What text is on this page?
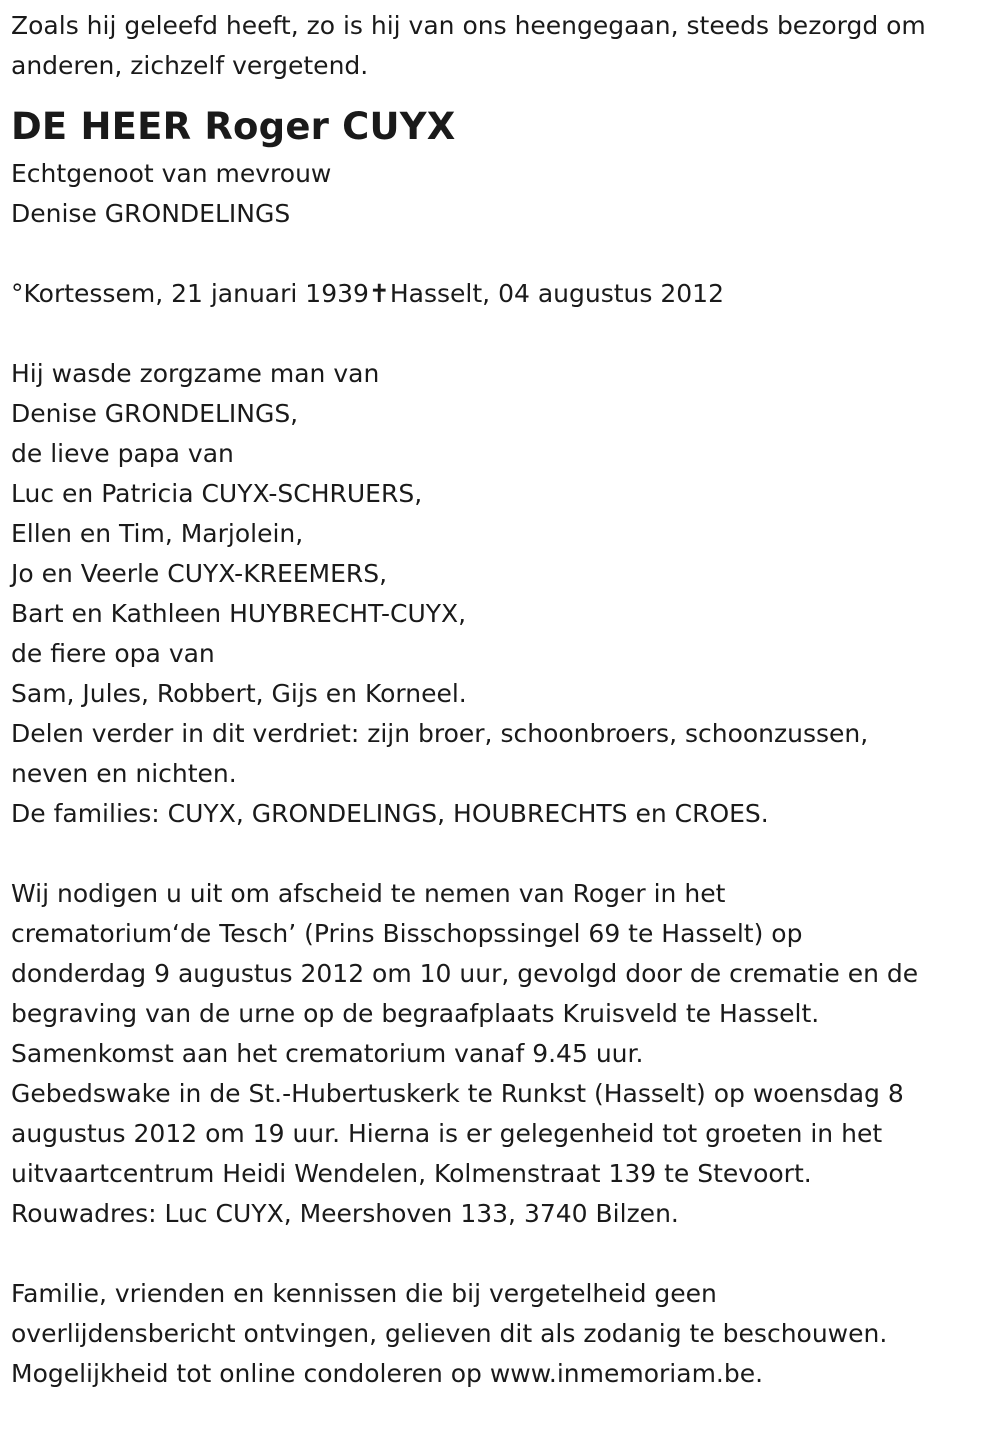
Zoals hij geleefd heeft, zo is hij van ons heengegaan, steeds bezorgd om

anderen, zichzelf vergetend.

DE HEER Roger CUYX

Echtgenoot van mevrouw

Denise GRONDELINGS

°Kortessem, 21 januari 1939✝Hasselt, 04 augustus 2012

Hij wasde zorgzame man van

Denise GRONDELINGS,

de lieve papa van

Luc en Patricia CUYX-SCHRUERS,

Ellen en Tim, Marjolein,

Jo en Veerle CUYX-KREEMERS,

Bart en Kathleen HUYBRECHT-CUYX,

de fiere opa van

Sam, Jules, Robbert, Gijs en Korneel.

Delen verder in dit verdriet: zijn broer, schoonbroers, schoonzussen,

neven en nichten.

De families: CUYX, GRONDELINGS, HOUBRECHTS en CROES.

Wij nodigen u uit om afscheid te nemen van Roger in het

crematorium‘de Tesch’ (Prins Bisschopssingel 69 te Hasselt) op

donderdag 9 augustus 2012 om 10 uur, gevolgd door de crematie en de

begraving van de urne op de begraafplaats Kruisveld te Hasselt.

Samenkomst aan het crematorium vanaf 9.45 uur.

Gebedswake in de St.-Hubertuskerk te Runkst (Hasselt) op woensdag 8

augustus 2012 om 19 uur. Hierna is er gelegenheid tot groeten in het

uitvaartcentrum Heidi Wendelen, Kolmenstraat 139 te Stevoort.

Rouwadres: Luc CUYX, Meershoven 133, 3740 Bilzen.

Familie, vrienden en kennissen die bij vergetelheid geen

overlijdensbericht ontvingen, gelieven dit als zodanig te beschouwen.

Mogelijkheid tot online condoleren op www.inmemoriam.be.
